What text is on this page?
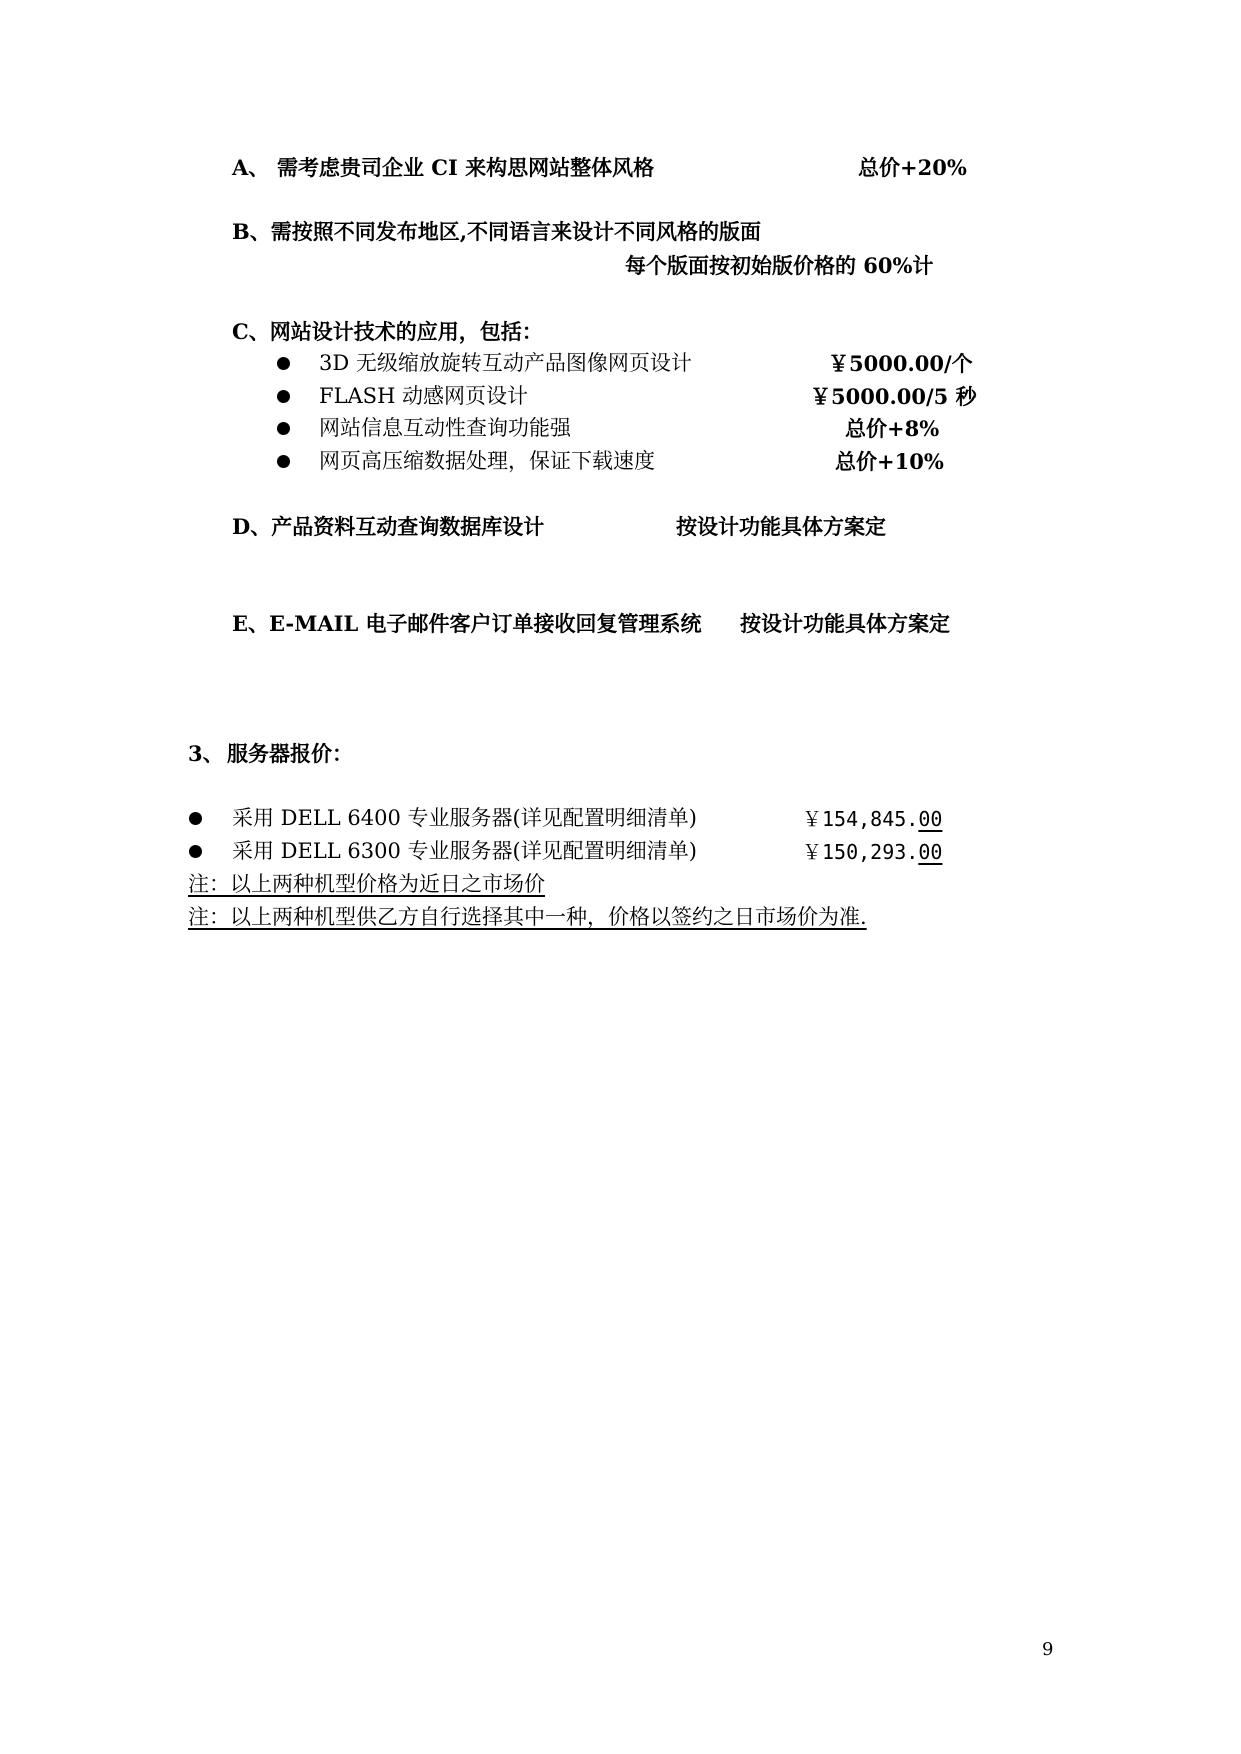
A、 需考虑贵司企业 CI 来构思网站整体风格	总价+20%
B、需按照不同发布地区,不同语言来设计不同风格的版面
每个版面按初始版价格的 60%计
C、网站设计技术的应用，包括：
3D 无级缩放旋转互动产品图像网页设计	￥5000.00/个
FLASH 动感网页设计	￥5000.00/5 秒
网站信息互动性查询功能强	总价+8%
网页高压缩数据处理，保证下载速度	总价+10%
D、产品资料互动查询数据库设计	按设计功能具体方案定
E、E-MAIL 电子邮件客户订单接收回复管理系统 按设计功能具体方案定
3、 服务器报价：
采用 DELL 6400 专业服务器(详见配置明细清单)	￥154,845.00
采用 DELL 6300 专业服务器(详见配置明细清单)	￥150,293.00
注：以上两种机型价格为近日之市场价
注：以上两种机型供乙方自行选择其中一种，价格以签约之日市场价为准.
9
